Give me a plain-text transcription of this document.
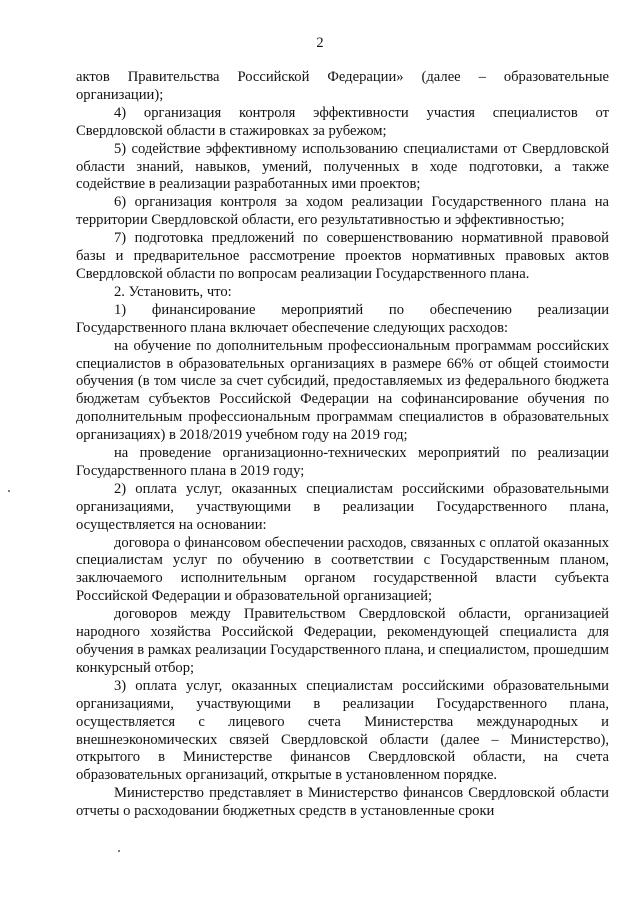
2

актов Правительства Российской Федерации» (далее – образовательные организации);

4) организация контроля эффективности участия специалистов от Свердловской области в стажировках за рубежом;

5) содействие эффективному использованию специалистами от Свердловской области знаний, навыков, умений, полученных в ходе подготовки, а также содействие в реализации разработанных ими проектов;

6) организация контроля за ходом реализации Государственного плана на территории Свердловской области, его результативностью и эффективностью;

7) подготовка предложений по совершенствованию нормативной правовой базы и предварительное рассмотрение проектов нормативных правовых актов Свердловской области по вопросам реализации Государственного плана.

2. Установить, что:

1) финансирование мероприятий по обеспечению реализации Государственного плана включает обеспечение следующих расходов:

на обучение по дополнительным профессиональным программам российских специалистов в образовательных организациях в размере 66% от общей стоимости обучения (в том числе за счет субсидий, предоставляемых из федерального бюджета бюджетам субъектов Российской Федерации на софинансирование обучения по дополнительным профессиональным программам специалистов в образовательных организациях) в 2018/2019 учебном году на 2019 год;

на проведение организационно-технических мероприятий по реализации Государственного плана в 2019 году;

2) оплата услуг, оказанных специалистам российскими образовательными организациями, участвующими в реализации Государственного плана, осуществляется на основании:

договора о финансовом обеспечении расходов, связанных с оплатой оказанных специалистам услуг по обучению в соответствии с Государственным планом, заключаемого исполнительным органом государственной власти субъекта Российской Федерации и образовательной организацией;

договоров между Правительством Свердловской области, организацией народного хозяйства Российской Федерации, рекомендующей специалиста для обучения в рамках реализации Государственного плана, и специалистом, прошедшим конкурсный отбор;

3) оплата услуг, оказанных специалистам российскими образовательными организациями, участвующими в реализации Государственного плана, осуществляется с лицевого счета Министерства международных и внешнеэкономических связей Свердловской области (далее – Министерство), открытого в Министерстве финансов Свердловской области, на счета образовательных организаций, открытые в установленном порядке.

Министерство представляет в Министерство финансов Свердловской области отчеты о расходовании бюджетных средств в установленные сроки
